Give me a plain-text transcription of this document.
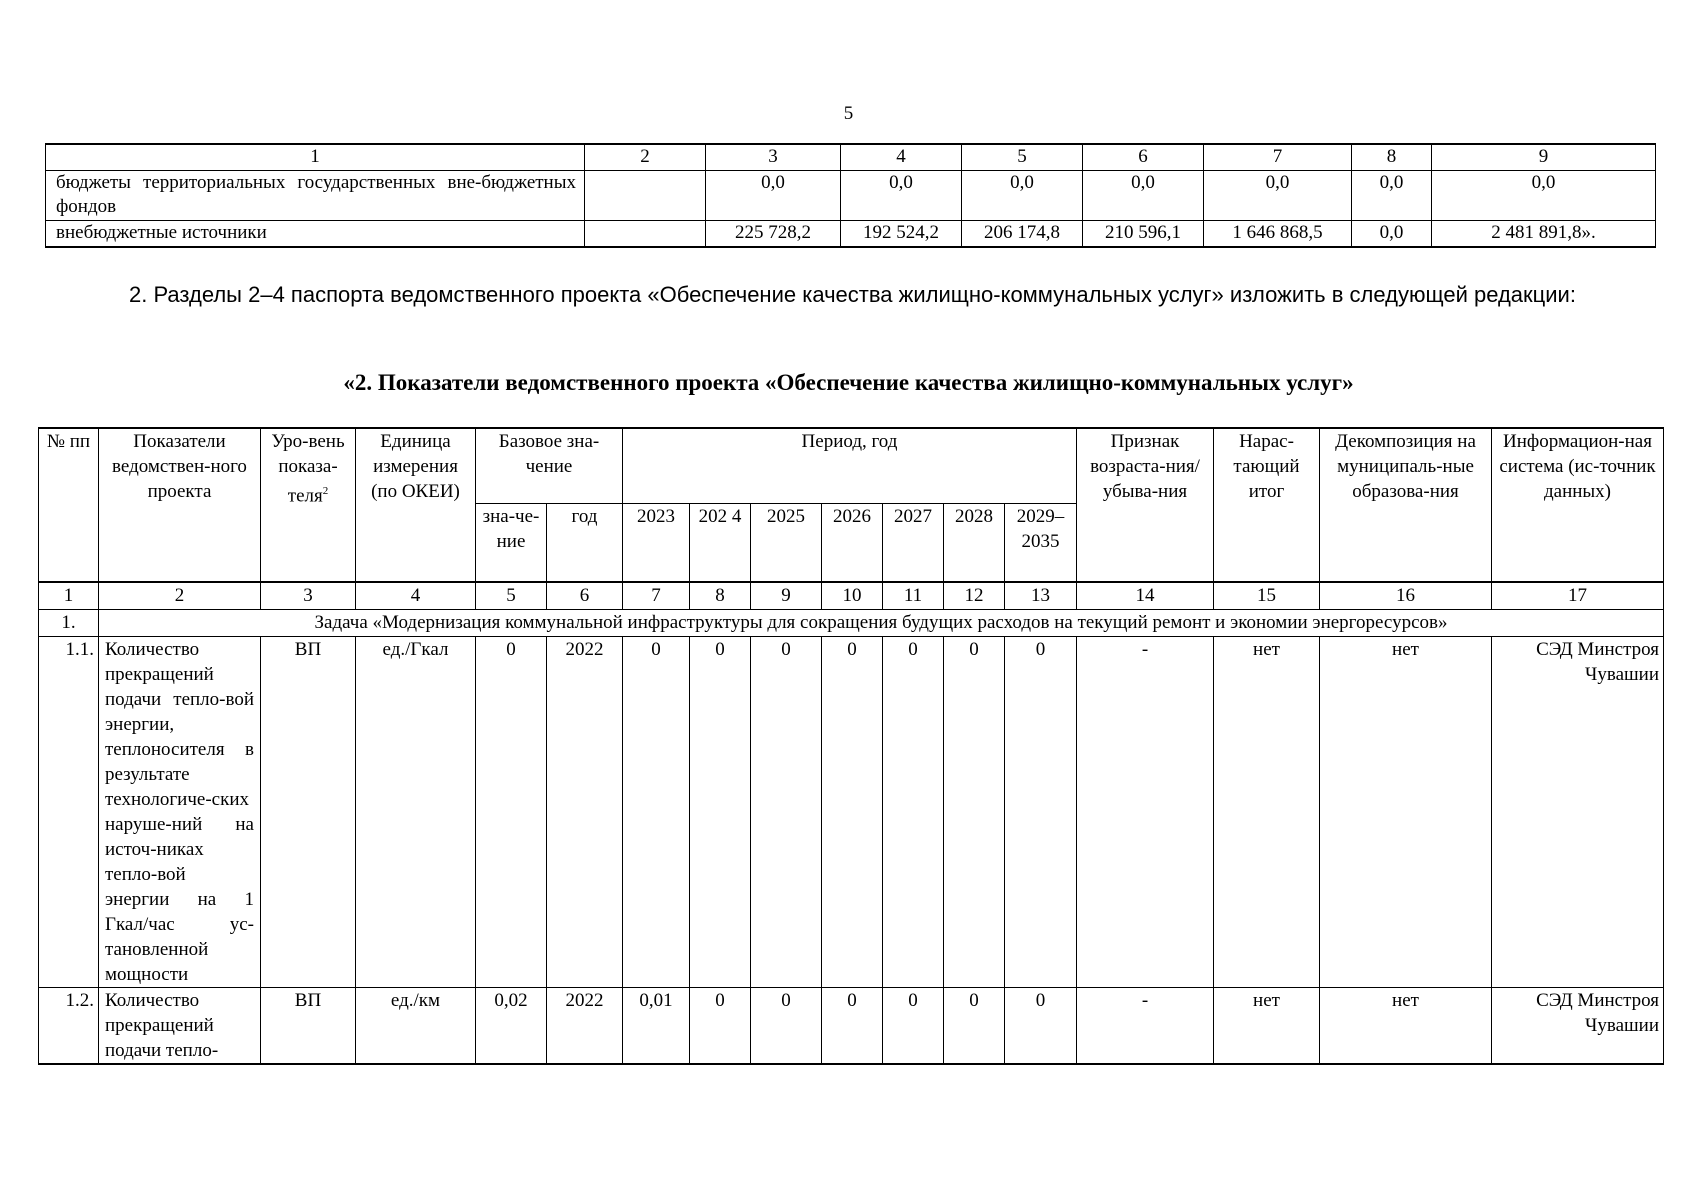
5
1	2	3	4	5	6	7	8	9
бюджеты территориальных государственных вне-бюджетных фондов		0,0	0,0	0,0	0,0	0,0	0,0	0,0
внебюджетные источники		225 728,2	192 524,2	206 174,8	210 596,1	1 646 868,5	0,0	2 481 891,8».
2. Разделы 2–4 паспорта ведомственного проекта «Обеспечение качества жилищно-коммунальных услуг» изложить в следующей редакции:
«2. Показатели ведомственного проекта «Обеспечение качества жилищно-коммунальных услуг»
№ пп	Показатели ведомствен-ного проекта	Уро-вень показа-теля$^2$	Единица измерения (по ОКЕИ)	Базовое зна-чение		Период, год							Признак возраста-ния/убыва-ния	Нарас-тающий итог	Декомпозиция на муниципаль-ные образова-ния	Информацион-ная система (ис-точник данных)
				зна-че-ние	год	2023	202 4	2025	2026	2027	2028	2029–2035				
1	2	3	4	5	6	7	8	9	10	11	12	13	14	15	16	17
1.	Задача «Модернизация коммунальной инфраструктуры для сокращения будущих расходов на текущий ремонт и экономии энергоресурсов»															
1.1.	Количество прекращений подачи тепло-вой энергии, теплоносителя в результате технологиче-ских наруше-ний на источ-никах тепло-вой энергии на 1 Гкал/час ус-тановленной мощности	ВП	ед./Гкал	0	2022	0	0	0	0	0	0	0	-	нет	нет	СЭД Минстроя Чувашии
1.2.	Количество прекращений подачи тепло-	ВП	ед./км	0,02	2022	0,01	0	0	0	0	0	0	-	нет	нет	СЭД Минстроя Чувашии
